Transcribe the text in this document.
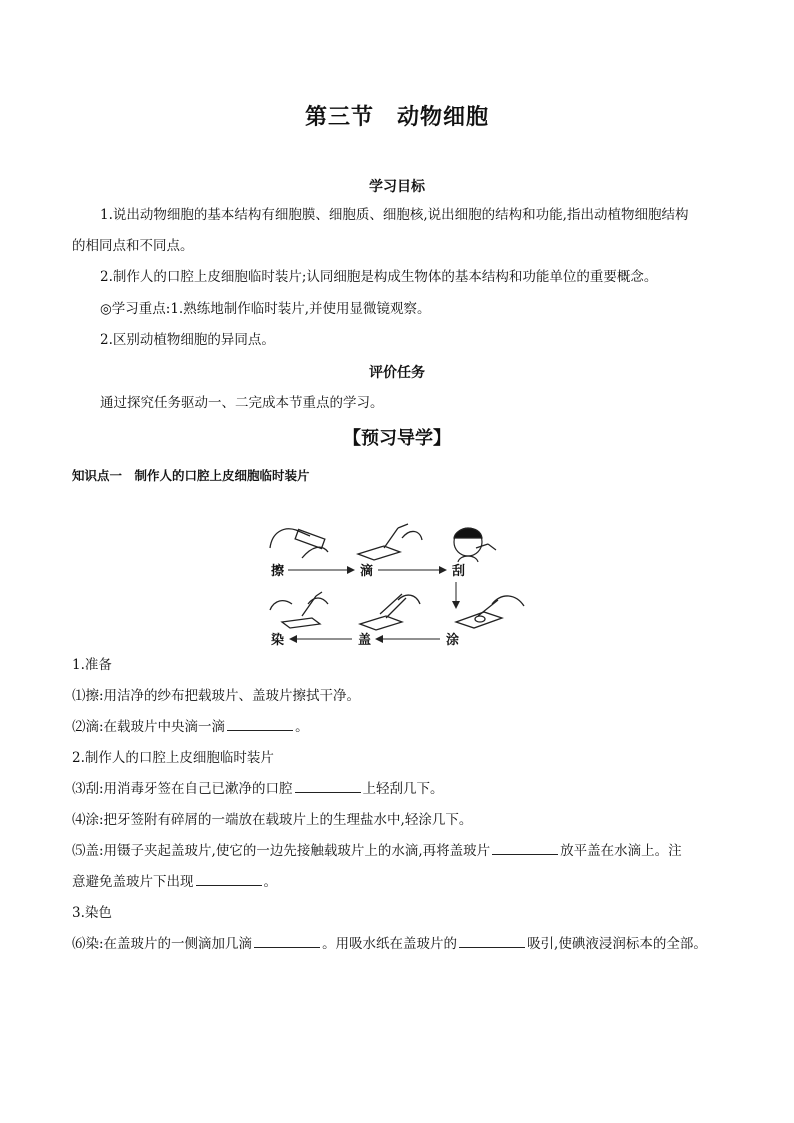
第三节　动物细胞
学习目标
1.说出动物细胞的基本结构有细胞膜、细胞质、细胞核,说出细胞的结构和功能,指出动植物细胞结构
的相同点和不同点。
2.制作人的口腔上皮细胞临时装片;认同细胞是构成生物体的基本结构和功能单位的重要概念。
◎学习重点:1.熟练地制作临时装片,并使用显微镜观察。
2.区别动植物细胞的异同点。
评价任务
通过探究任务驱动一、二完成本节重点的学习。
【预习导学】
知识点一　制作人的口腔上皮细胞临时装片
擦	滴	刮
涂
盖
染
1.准备
⑴擦:用洁净的纱布把载玻片、盖玻片擦拭干净。
⑵滴:在载玻片中央滴一滴	。
2.制作人的口腔上皮细胞临时装片
⑶刮:用消毒牙签在自己已漱净的口腔	上轻刮几下。
⑷涂:把牙签附有碎屑的一端放在载玻片上的生理盐水中,轻涂几下。
⑸盖:用镊子夹起盖玻片,使它的一边先接触载玻片上的水滴,再将盖玻片	放平盖在水滴上。注
意避免盖玻片下出现	。
3.染色
⑹染:在盖玻片的一侧滴加几滴	。用吸水纸在盖玻片的	吸引,使碘液浸润标本的全部。
